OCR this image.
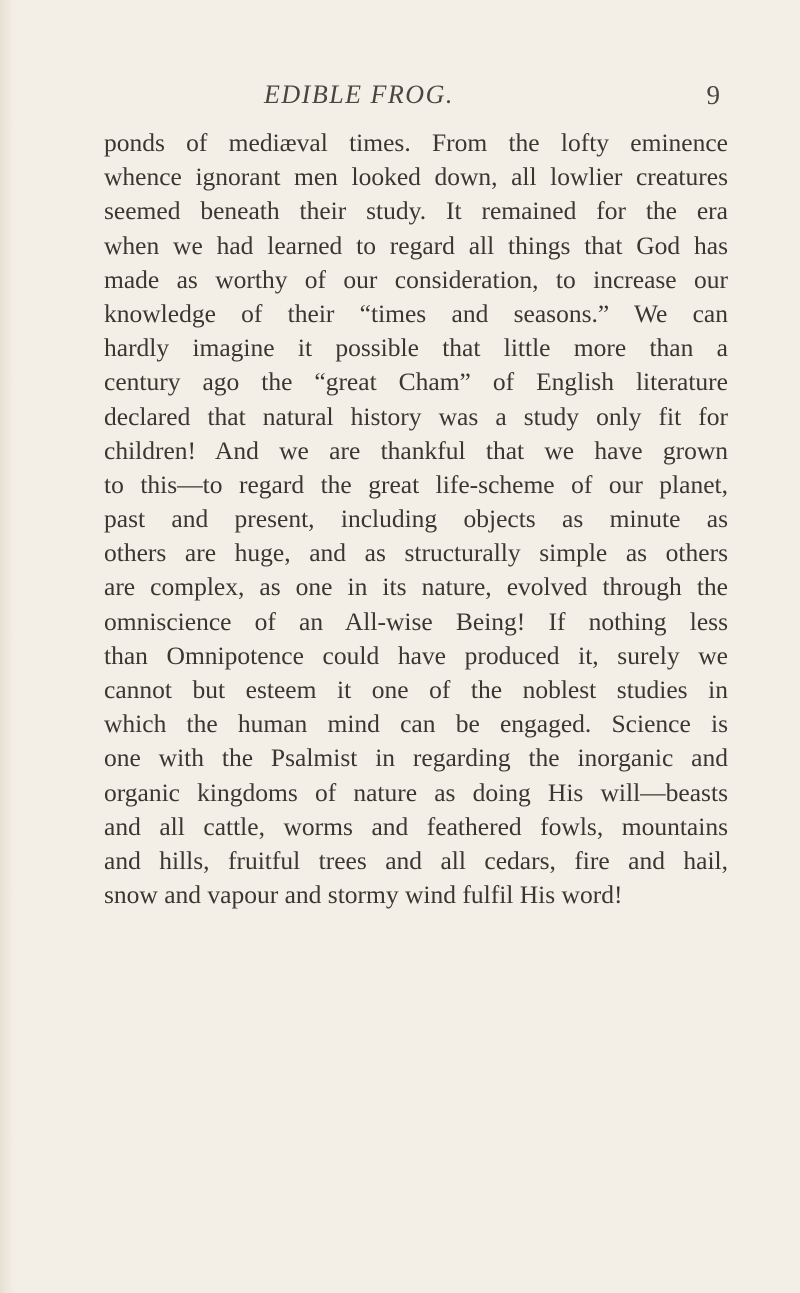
EDIBLE FROG.	9
ponds of mediæval times. From the lofty eminence
whence ignorant men looked down, all lowlier creatures
seemed beneath their study. It remained for the era
when we had learned to regard all things that God has
made as worthy of our consideration, to increase our
knowledge of their “times and seasons.” We can
hardly imagine it possible that little more than a
century ago the “great Cham” of English literature
declared that natural history was a study only fit for
children! And we are thankful that we have grown
to this—to regard the great life-scheme of our planet,
past and present, including objects as minute as
others are huge, and as structurally simple as others
are complex, as one in its nature, evolved through the
omniscience of an All-wise Being! If nothing less
than Omnipotence could have produced it, surely we
cannot but esteem it one of the noblest studies in
which the human mind can be engaged. Science is
one with the Psalmist in regarding the inorganic and
organic kingdoms of nature as doing His will—beasts
and all cattle, worms and feathered fowls, mountains
and hills, fruitful trees and all cedars, fire and hail,
snow and vapour and stormy wind fulfil His word!
